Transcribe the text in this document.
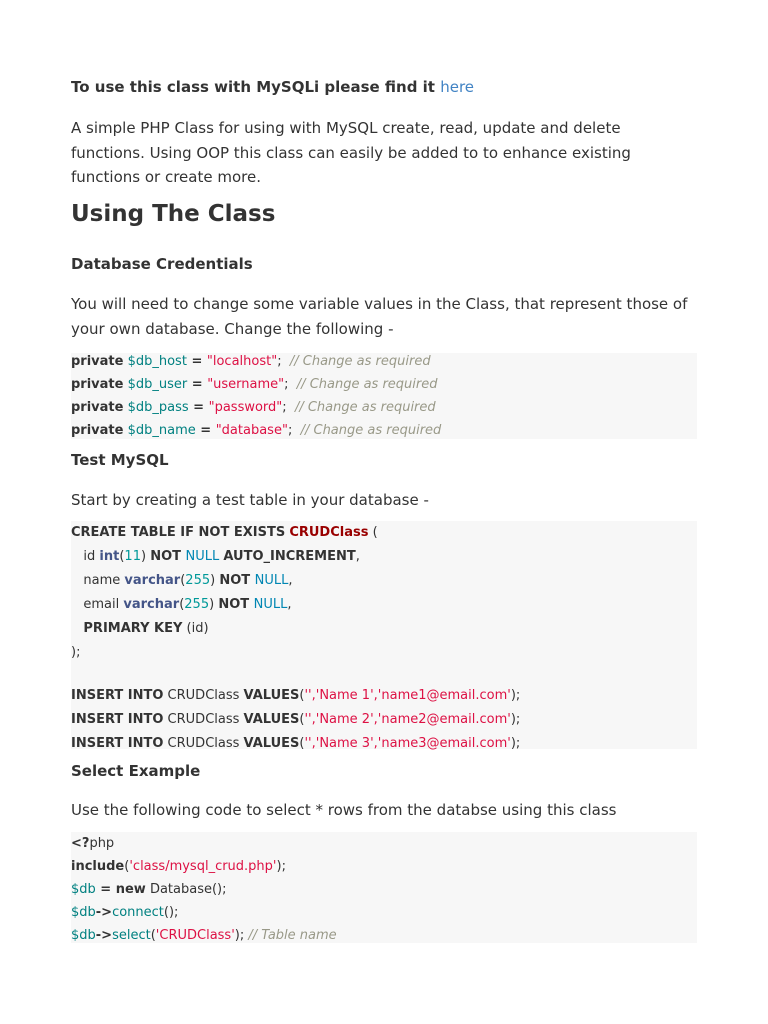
To use this class with MySQLi please find it here
A simple PHP Class for using with MySQL create, read, update and delete functions. Using OOP this class can easily be added to to enhance existing functions or create more.
Using The Class
Database Credentials
You will need to change some variable values in the Class, that represent those of your own database. Change the following -
private $db_host = "localhost";  // Change as required
private $db_user = "username";  // Change as required
private $db_pass = "password";  // Change as required
private $db_name = "database";  // Change as required
Test MySQL
Start by creating a test table in your database -
CREATE TABLE IF NOT EXISTS CRUDClass (
id int(11) NOT NULL AUTO_INCREMENT,
name varchar(255) NOT NULL,
email varchar(255) NOT NULL,
PRIMARY KEY (id)
);
INSERT INTO CRUDClass VALUES('','Name 1','name1@email.com');
INSERT INTO CRUDClass VALUES('','Name 2','name2@email.com');
INSERT INTO CRUDClass VALUES('','Name 3','name3@email.com');
Select Example
Use the following code to select * rows from the databse using this class
<?php
include('class/mysql_crud.php');
$db = new Database();
$db->connect();
$db->select('CRUDClass'); // Table name
